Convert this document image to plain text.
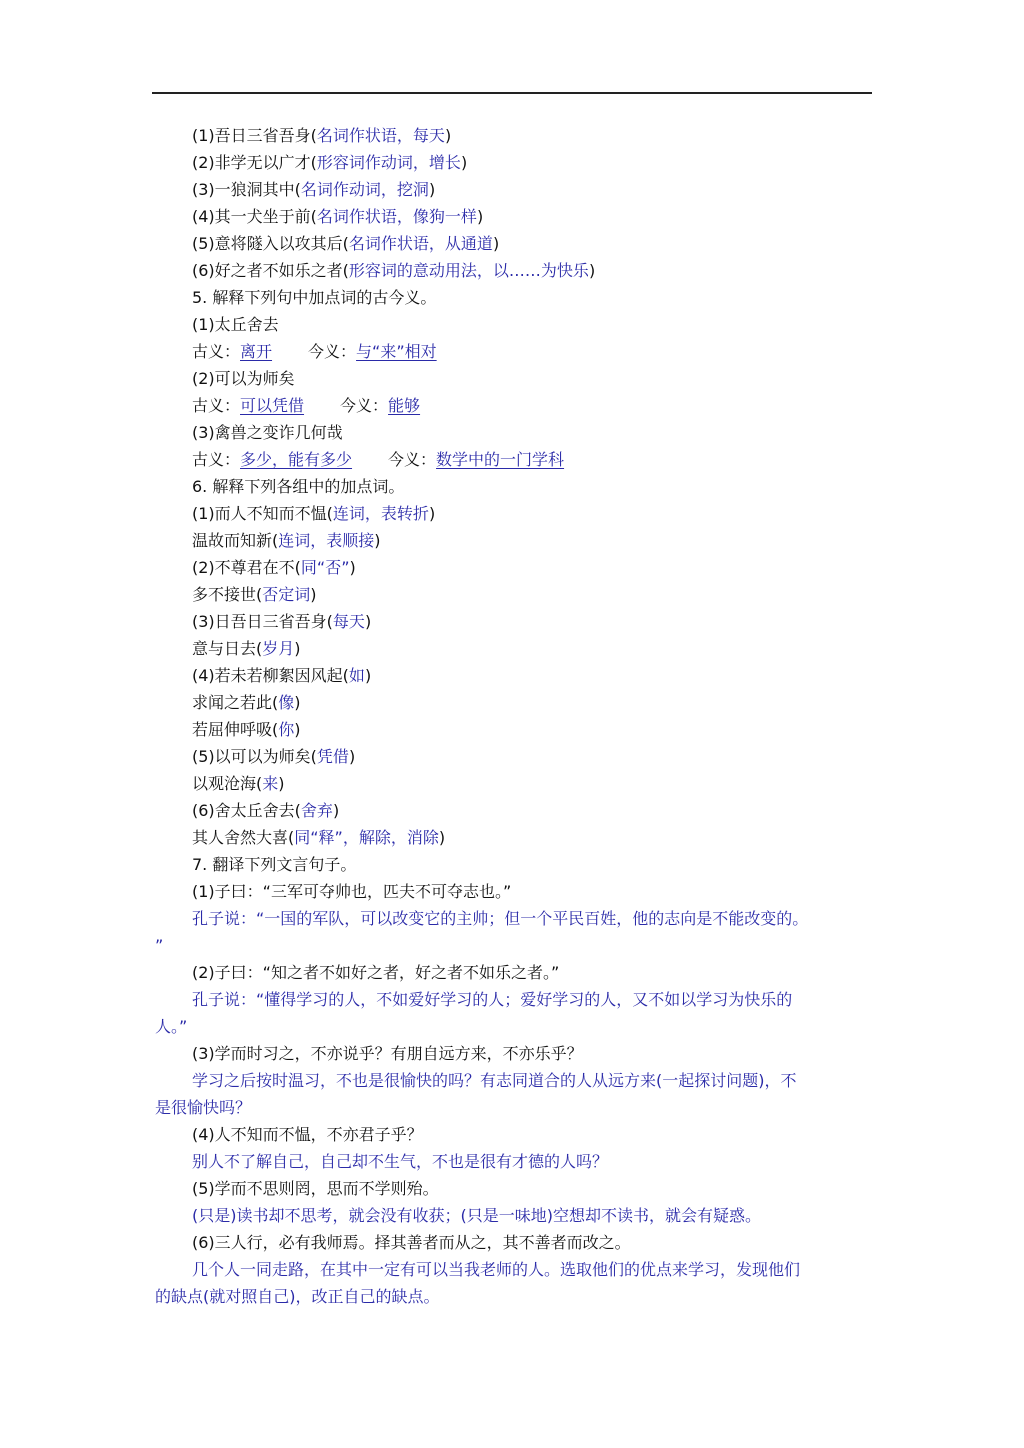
(1)吾日三省吾身(名词作状语，每天)
(2)非学无以广才(形容词作动词，增长)
(3)一狼洞其中(名词作动词，挖洞)
(4)其一犬坐于前(名词作状语，像狗一样)
(5)意将隧入以攻其后(名词作状语，从通道)
(6)好之者不如乐之者(形容词的意动用法，以……为快乐)
5. 解释下列句中加点词的古今义。
(1)太丘舍去
古义：离开 今义：与“来”相对
(2)可以为师矣
古义：可以凭借 今义：能够
(3)禽兽之变诈几何哉
古义：多少，能有多少 今义：数学中的一门学科
6. 解释下列各组中的加点词。
(1)而人不知而不愠(连词，表转折)
温故而知新(连词，表顺接)
(2)不尊君在不(同“否”)
多不接世(否定词)
(3)日吾日三省吾身(每天)
意与日去(岁月)
(4)若未若柳絮因风起(如)
求闻之若此(像)
若屈伸呼吸(你)
(5)以可以为师矣(凭借)
以观沧海(来)
(6)舍太丘舍去(舍弃)
其人舍然大喜(同“释”，解除，消除)
7. 翻译下列文言句子。
(1)子曰：“三军可夺帅也，匹夫不可夺志也。”
孔子说：“一国的军队，可以改变它的主帅；但一个平民百姓，他的志向是不能改变的。
”
(2)子曰：“知之者不如好之者，好之者不如乐之者。”
孔子说：“懂得学习的人，不如爱好学习的人；爱好学习的人，又不如以学习为快乐的
人。”
(3)学而时习之，不亦说乎？有朋自远方来，不亦乐乎？
学习之后按时温习，不也是很愉快的吗？有志同道合的人从远方来(一起探讨问题)，不
是很愉快吗？
(4)人不知而不愠，不亦君子乎？
别人不了解自己，自己却不生气，不也是很有才德的人吗？
(5)学而不思则罔，思而不学则殆。
(只是)读书却不思考，就会没有收获；(只是一味地)空想却不读书，就会有疑惑。
(6)三人行，必有我师焉。择其善者而从之，其不善者而改之。
几个人一同走路，在其中一定有可以当我老师的人。选取他们的优点来学习，发现他们
的缺点(就对照自己)，改正自己的缺点。
